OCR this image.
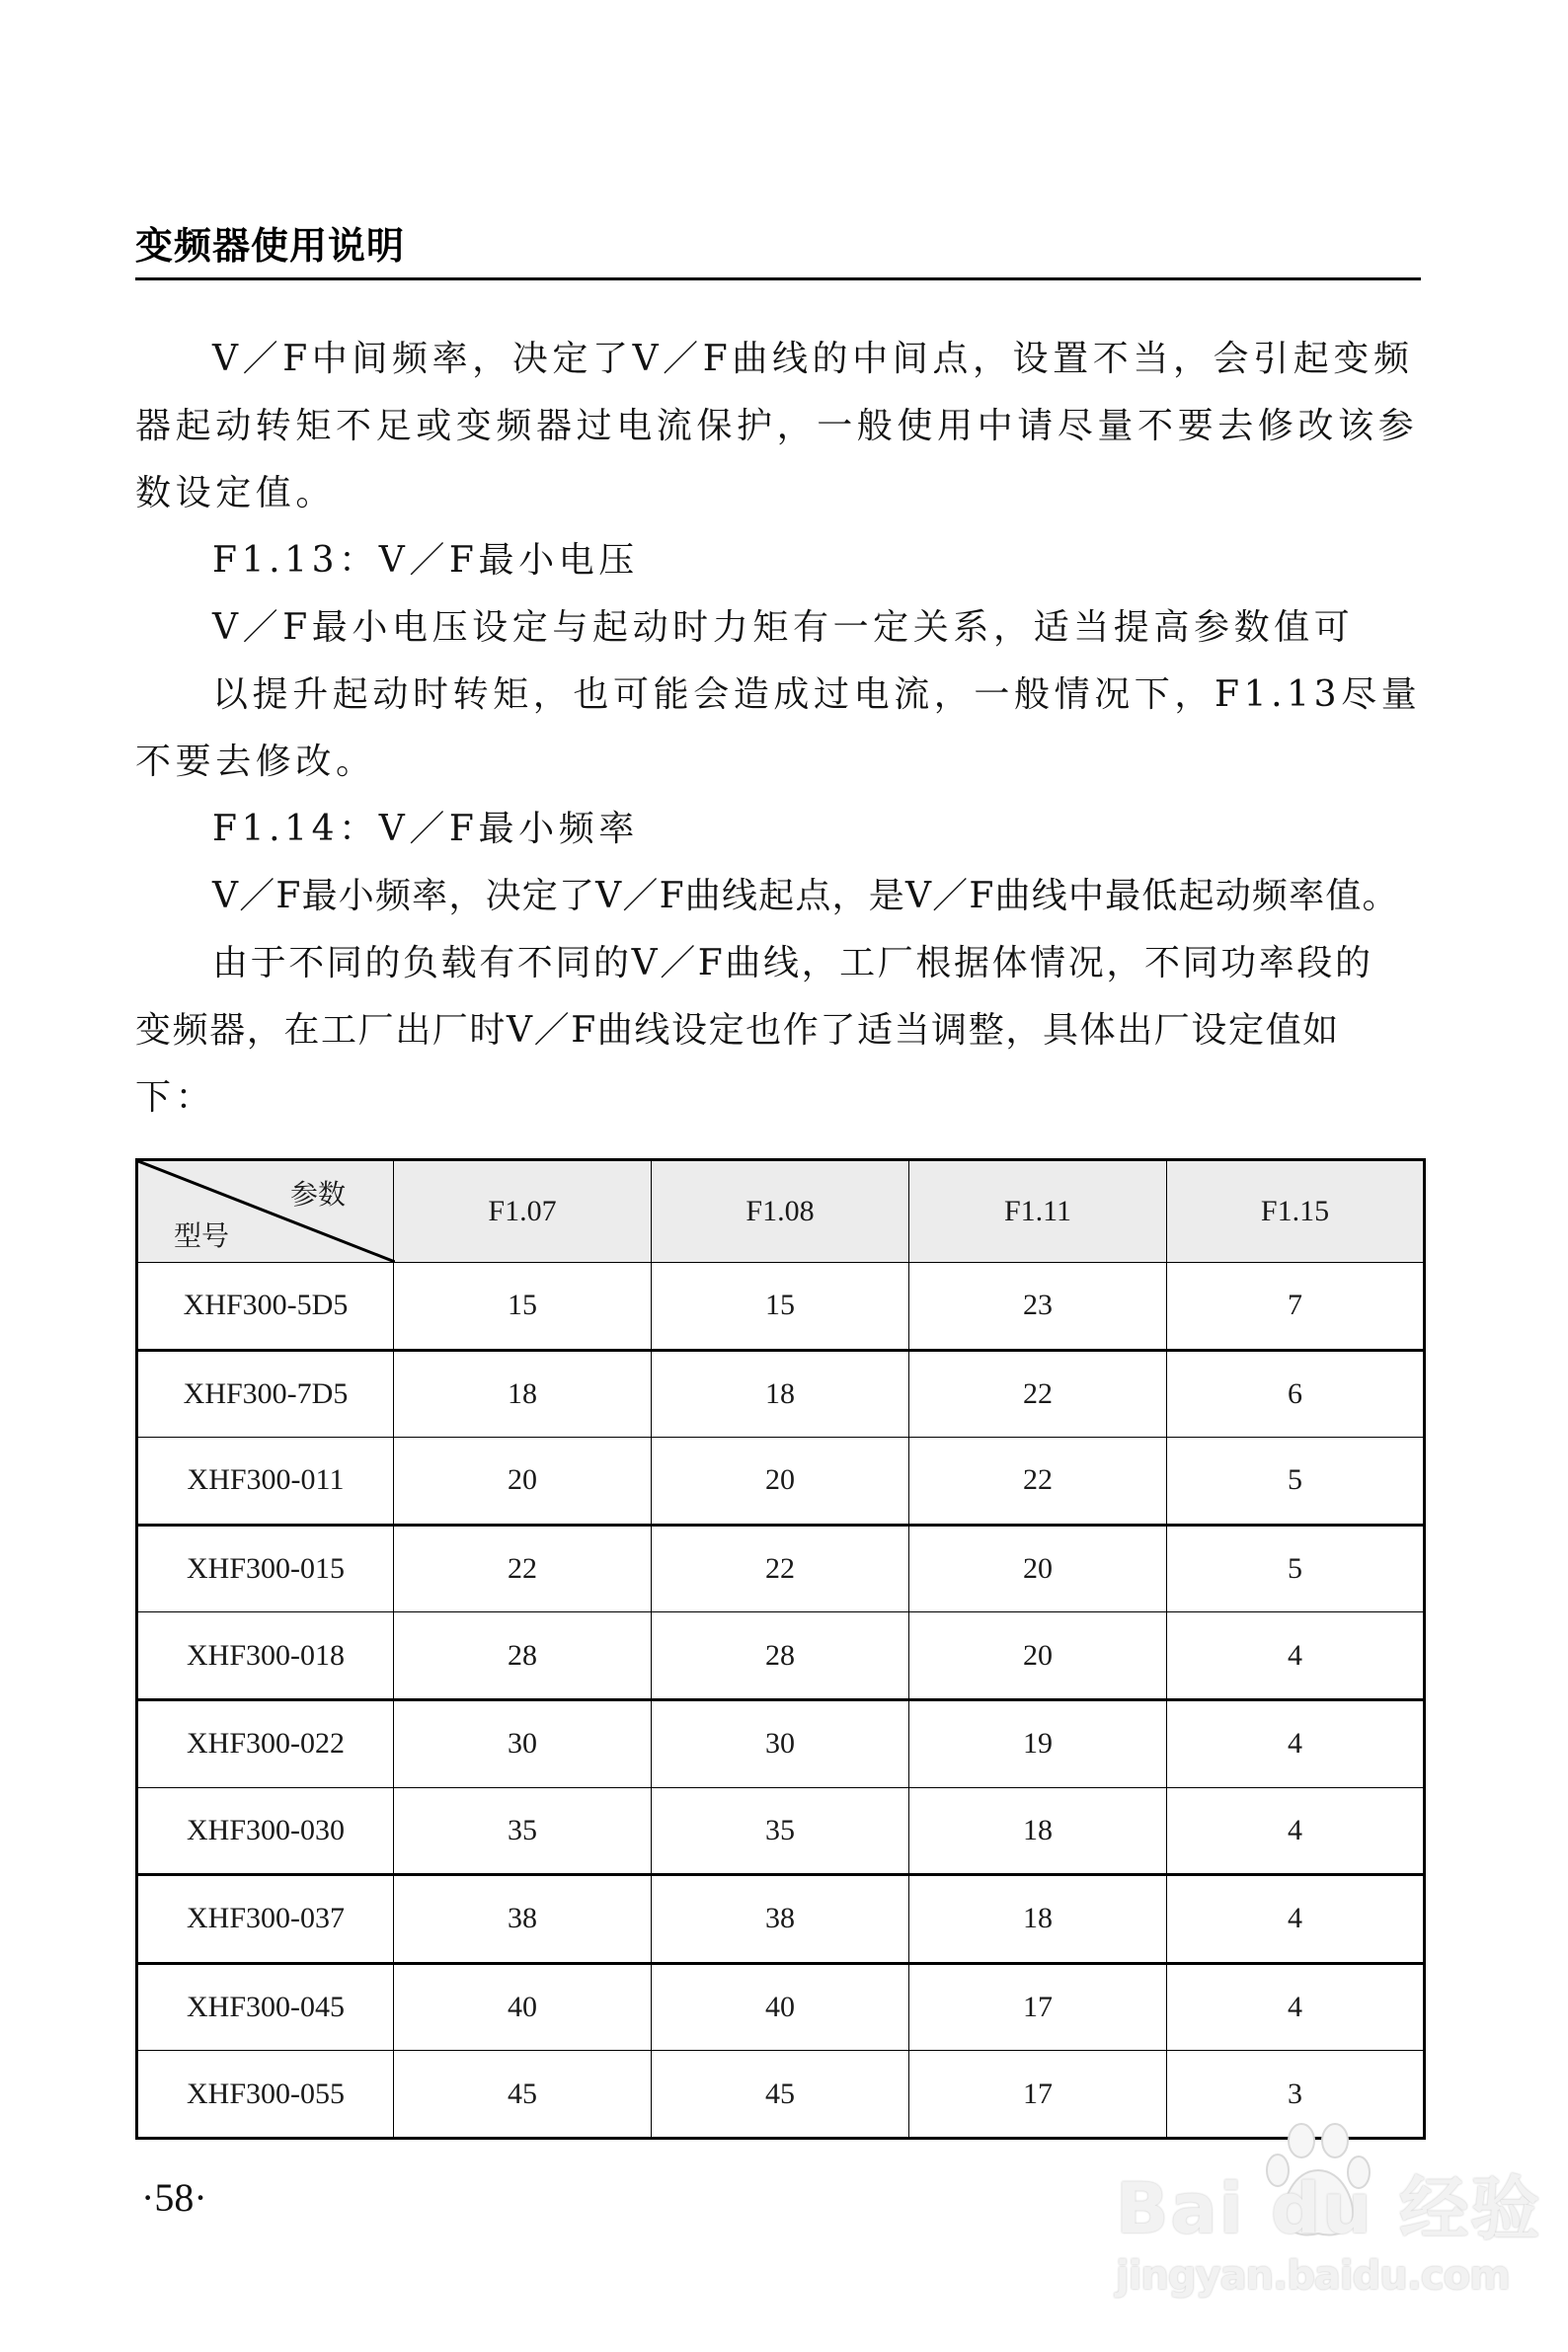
变频器使用说明
V／F中间频率，决定了V／F曲线的中间点，设置不当，会引起变频
器起动转矩不足或变频器过电流保护，一般使用中请尽量不要去修改该参
数设定值。
F1.13：V／F最小电压
V／F最小电压设定与起动时力矩有一定关系，适当提高参数值可
以提升起动时转矩，也可能会造成过电流，一般情况下，F1.13尽量
不要去修改。
F1.14：V／F最小频率
V／F最小频率，决定了V／F曲线起点，是V／F曲线中最低起动频率值。
由于不同的负载有不同的V／F曲线，工厂根据体情况，不同功率段的
变频器，在工厂出厂时V／F曲线设定也作了适当调整，具体出厂设定值如
下：
参数
型号	F1.07	F1.08	F1.11	F1.15
XHF300-5D5	15	15	23	7
XHF300-7D5	18	18	22	6
XHF300-011	20	20	22	5
XHF300-015	22	22	20	5
XHF300-018	28	28	20	4
XHF300-022	30	30	19	4
XHF300-030	35	35	18	4
XHF300-037	38	38	18	4
XHF300-045	40	40	17	4
XHF300-055	45	45	17	3
·58·	Bai du 经验
jingyan.baidu.com
